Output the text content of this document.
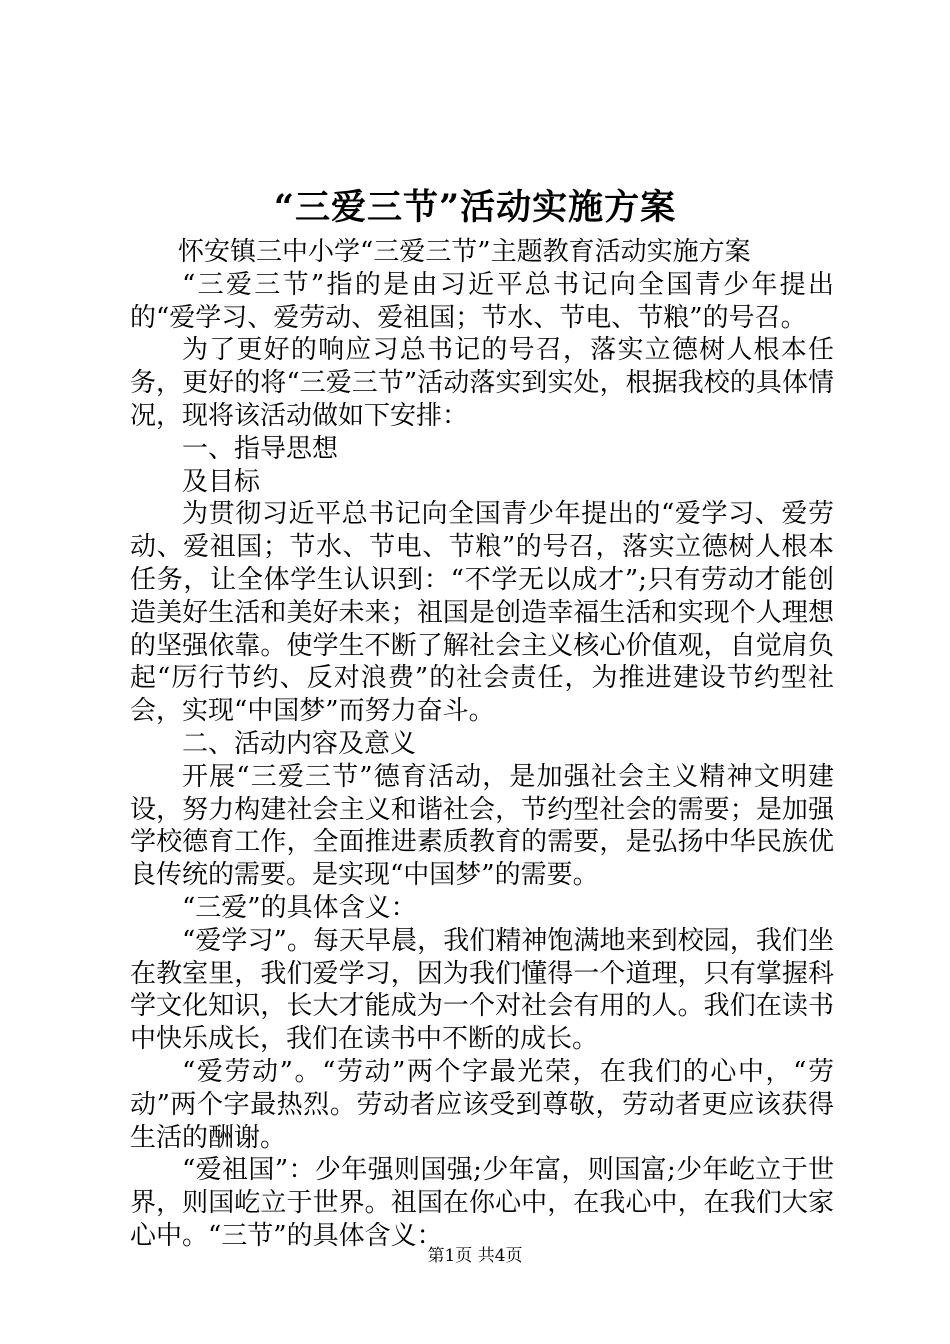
“三爱三节”活动实施方案

怀安镇三中小学“三爱三节”主题教育活动实施方案

“三爱三节”指的是由习近平总书记向全国青少年提出的“爱学习、爱劳动、爱祖国；节水、节电、节粮”的号召。

为了更好的响应习总书记的号召，落实立德树人根本任务，更好的将“三爱三节”活动落实到实处，根据我校的具体情况，现将该活动做如下安排：

一、指导思想

及目标

为贯彻习近平总书记向全国青少年提出的“爱学习、爱劳动、爱祖国；节水、节电、节粮”的号召，落实立德树人根本任务，让全体学生认识到：“不学无以成才”;只有劳动才能创造美好生活和美好未来；祖国是创造幸福生活和实现个人理想的坚强依靠。使学生不断了解社会主义核心价值观，自觉肩负起“厉行节约、反对浪费”的社会责任，为推进建设节约型社会，实现“中国梦”而努力奋斗。

二、活动内容及意义

开展“三爱三节”德育活动，是加强社会主义精神文明建设，努力构建社会主义和谐社会，节约型社会的需要；是加强学校德育工作，全面推进素质教育的需要，是弘扬中华民族优良传统的需要。是实现“中国梦”的需要。

“三爱”的具体含义：

“爱学习”。每天早晨，我们精神饱满地来到校园，我们坐在教室里，我们爱学习，因为我们懂得一个道理，只有掌握科学文化知识，长大才能成为一个对社会有用的人。我们在读书中快乐成长，我们在读书中不断的成长。

“爱劳动”。“劳动”两个字最光荣，在我们的心中，“劳动”两个字最热烈。劳动者应该受到尊敬，劳动者更应该获得生活的酬谢。

“爱祖国”：少年强则国强;少年富，则国富;少年屹立于世界，则国屹立于世界。祖国在你心中，在我心中，在我们大家心中。“三节”的具体含义：

第1页 共4页
